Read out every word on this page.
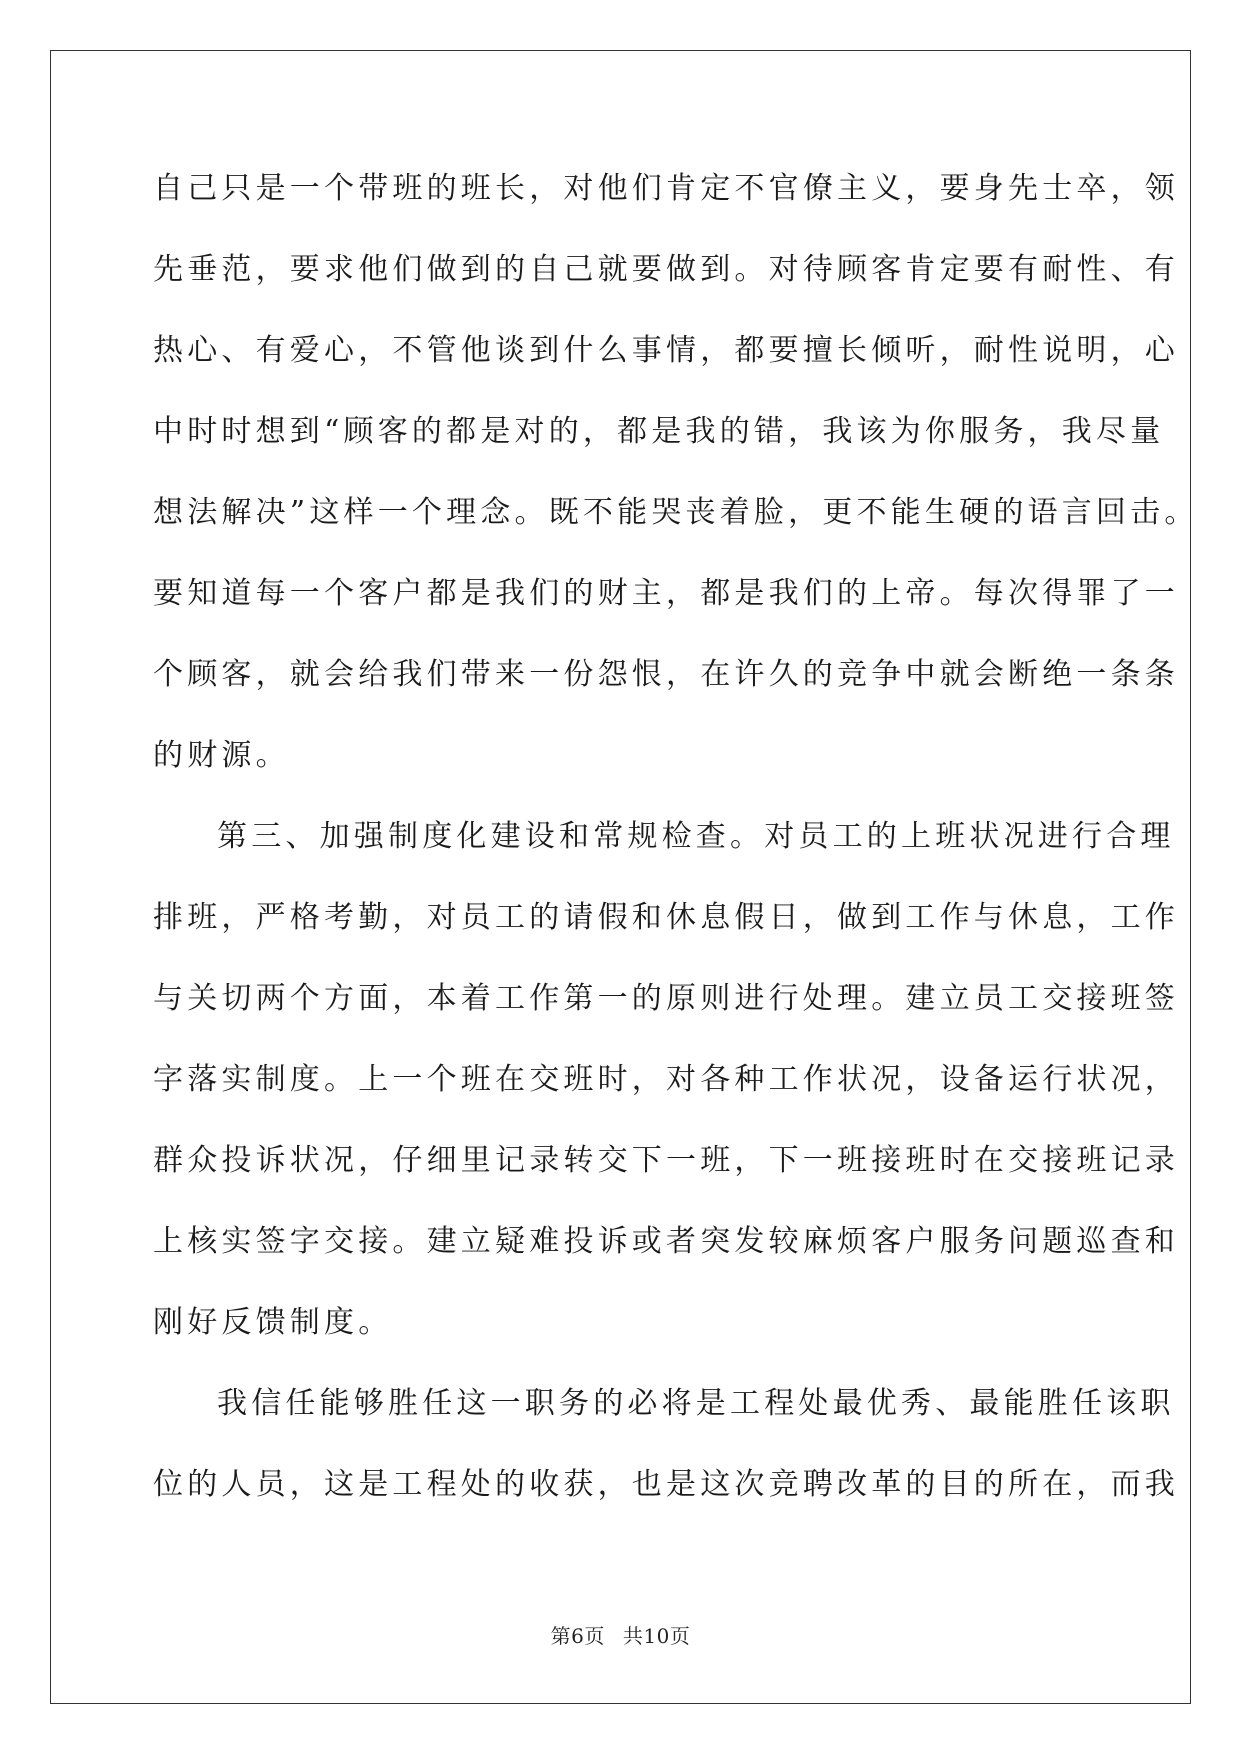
自己只是一个带班的班长，对他们肯定不官僚主义，要身先士卒，领
先垂范，要求他们做到的自己就要做到。对待顾客肯定要有耐性、有
热心、有爱心，不管他谈到什么事情，都要擅长倾听，耐性说明，心
中时时想到“顾客的都是对的，都是我的错，我该为你服务，我尽量
想法解决”这样一个理念。既不能哭丧着脸，更不能生硬的语言回击。
要知道每一个客户都是我们的财主，都是我们的上帝。每次得罪了一
个顾客，就会给我们带来一份怨恨，在许久的竞争中就会断绝一条条
的财源。
第三、加强制度化建设和常规检查。对员工的上班状况进行合理
排班，严格考勤，对员工的请假和休息假日，做到工作与休息，工作
与关切两个方面，本着工作第一的原则进行处理。建立员工交接班签
字落实制度。上一个班在交班时，对各种工作状况，设备运行状况，
群众投诉状况，仔细里记录转交下一班，下一班接班时在交接班记录
上核实签字交接。建立疑难投诉或者突发较麻烦客户服务问题巡查和
刚好反馈制度。
我信任能够胜任这一职务的必将是工程处最优秀、最能胜任该职
位的人员，这是工程处的收获，也是这次竞聘改革的目的所在，而我
第6页 共10页
